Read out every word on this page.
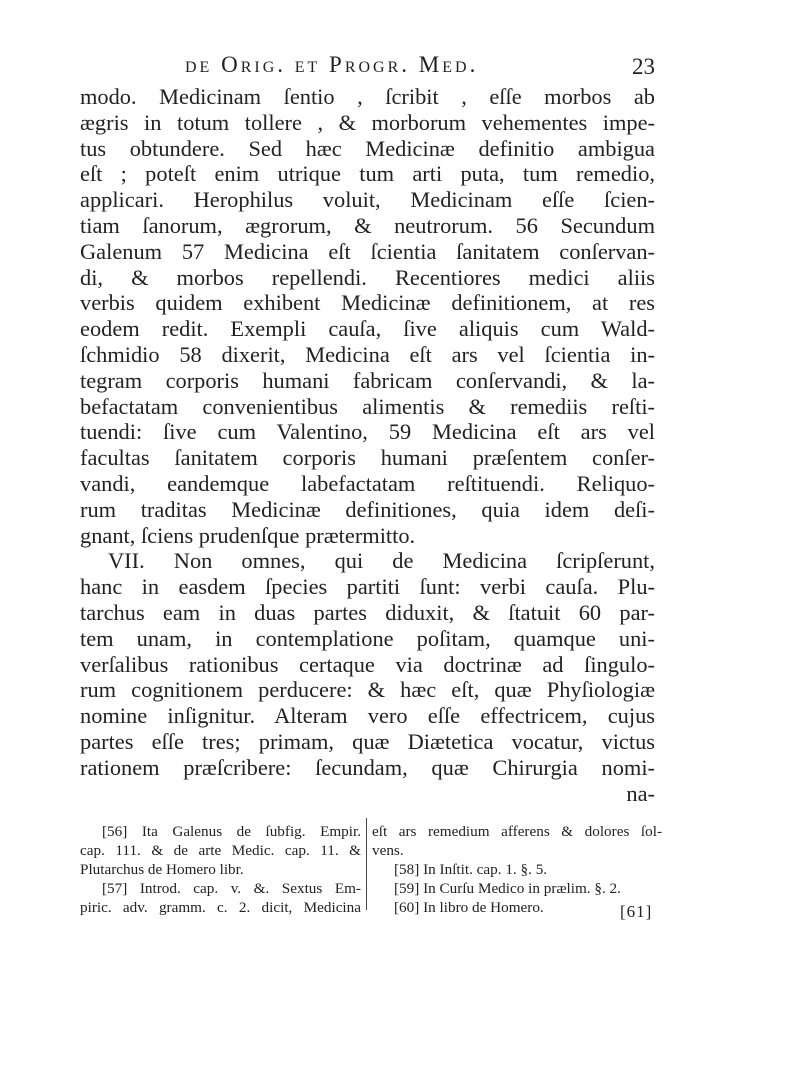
de Orig. et Progr. Med.	23
modo. Medicinam ſentio , ſcribit , eſſe morbos ab
ægris in totum tollere , & morborum vehementes impe-
tus obtundere. Sed hæc Medicinæ definitio ambigua
eſt ; poteſt enim utrique tum arti puta, tum remedio,
applicari. Herophilus voluit, Medicinam eſſe ſcien-
tiam ſanorum, ægrorum, & neutrorum. 56 Secundum
Galenum 57 Medicina eſt ſcientia ſanitatem conſervan-
di, & morbos repellendi. Recentiores medici aliis
verbis quidem exhibent Medicinæ definitionem, at res
eodem redit. Exempli cauſa, ſive aliquis cum Wald-
ſchmidio 58 dixerit, Medicina eſt ars vel ſcientia in-
tegram corporis humani fabricam conſervandi, & la-
befactatam convenientibus alimentis & remediis reſti-
tuendi: ſive cum Valentino, 59 Medicina eſt ars vel
facultas ſanitatem corporis humani præſentem conſer-
vandi, eandemque labefactatam reſtituendi. Reliquo-
rum traditas Medicinæ definitiones, quia idem deſi-
gnant, ſciens prudenſque prætermitto.
VII. Non omnes, qui de Medicina ſcripſerunt,
hanc in easdem ſpecies partiti ſunt: verbi cauſa. Plu-
tarchus eam in duas partes diduxit, & ſtatuit 60 par-
tem unam, in contemplatione poſitam, quamque uni-
verſalibus rationibus certaque via doctrinæ ad ſingulo-
rum cognitionem perducere: & hæc eſt, quæ Phyſiologiæ
nomine inſignitur. Alteram vero eſſe effectricem, cujus
partes eſſe tres; primam, quæ Diætetica vocatur, victus
rationem præſcribere: ſecundam, quæ Chirurgia nomi-
na-
[56] Ita Galenus de ſubfig. Empir.
cap. 111. & de arte Medic. cap. 11. &
Plutarchus de Homero libr.
[57] Introd. cap. v. &. Sextus Em-
piric. adv. gramm. c. 2. dicit, Medicina
eſt ars remedium afferens & dolores ſol-
vens.
[58] In Inſtit. cap. 1. §. 5.
[59] In Curſu Medico in prælim. §. 2.
[60] In libro de Homero.	[61]
